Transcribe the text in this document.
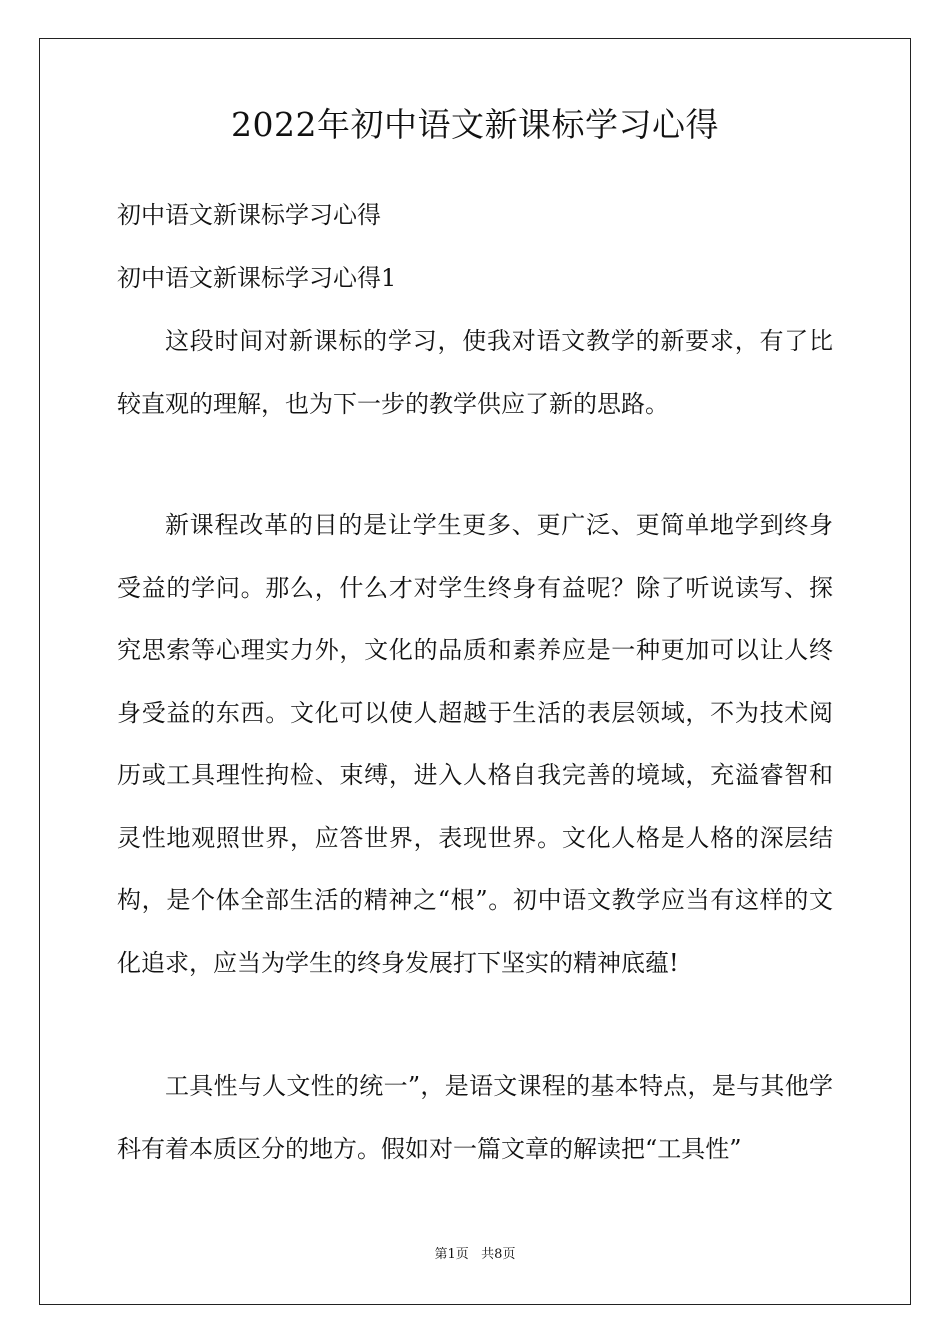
2022年初中语文新课标学习心得
初中语文新课标学习心得
初中语文新课标学习心得1
这段时间对新课标的学习，使我对语文教学的新要求，有了比较直观的理解，也为下一步的教学供应了新的思路。
新课程改革的目的是让学生更多、更广泛、更简单地学到终身受益的学问。那么，什么才对学生终身有益呢？除了听说读写、探究思索等心理实力外，文化的品质和素养应是一种更加可以让人终身受益的东西。文化可以使人超越于生活的表层领域，不为技术阅历或工具理性拘检、束缚，进入人格自我完善的境域，充溢睿智和灵性地观照世界，应答世界，表现世界。文化人格是人格的深层结构，是个体全部生活的精神之“根”。初中语文教学应当有这样的文化追求，应当为学生的终身发展打下坚实的精神底蕴!
工具性与人文性的统一”，是语文课程的基本特点，是与其他学科有着本质区分的地方。假如对一篇文章的解读把“工具性”
第1页   共8页
